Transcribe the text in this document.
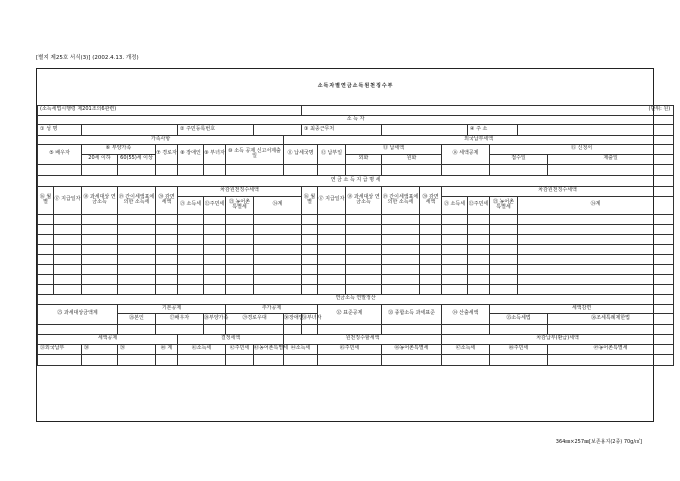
[별지 제25호 서식(3)] (2002.4.13. 개정)
소득자별연금소득원천징수부																			
(소득세법시행령 제201조의6관련)										(단위: 원)									
소 득 자																			
① 성 명					② 주민등록번호					③ 최종근무처						④ 주 소			
가족사항									외국납부세액										
⑤ 배우자		⑥ 부양가족		⑦ 경로자	⑧ 장애인	⑨ 부녀자	⑩ 소득 공제 신고서제출일		⑪ 납세국명		⑫ 납부일	⑬ 납세액			⑭ 세액공제		⑮ 신청서		
		20세 이하	60(55)세 이상									외화	원화				접수일		제출일

연 금 소 득 지 급 명 세																			
⑯ 월별	⑰ 지급일자	⑱ 과세대상 연금소득	⑲ 간이세액표에 의한 소득세	⑳ 감면세액	차감원천징수세액					⑯ 월별	⑰ 지급일자	⑱ 과세대상 연금소득	⑲ 간이세액표에 의한 소득세	⑳ 감면세액	차감원천징수세액				
					㉑ 소득세	㉒주민세	㉓ 농어촌 특별세	㉔계							㉑ 소득세	㉒주민세	㉓ 농어촌 특별세	㉔계	

연금소득 연말정산																			
㉕ 과세대상금액계			기본공제				추가공제				㉜ 표준공제		㉝ 종합소득 과세표준		㉞ 산출세액		세액감면		
			㉖본인	㉗배우자		㉘부양가족	㉙경로우대		㉚장애인	㉛부녀자							㉟소득세법		㊱조세특례제한법

세액공제					결정세액				원천징수할세액						차감납부(환급)세액				
㊲외국납부		㊳	㊴	㊵ 계	㊶소득세		㊷주민세	㊸농어촌특별세	㊹소득세		㊺주민세		㊻농어촌특별세		㊼소득세		㊽주민세		㊾농어촌특별세

364㎜×257㎜[보존용지(2종) 70g/㎡]
